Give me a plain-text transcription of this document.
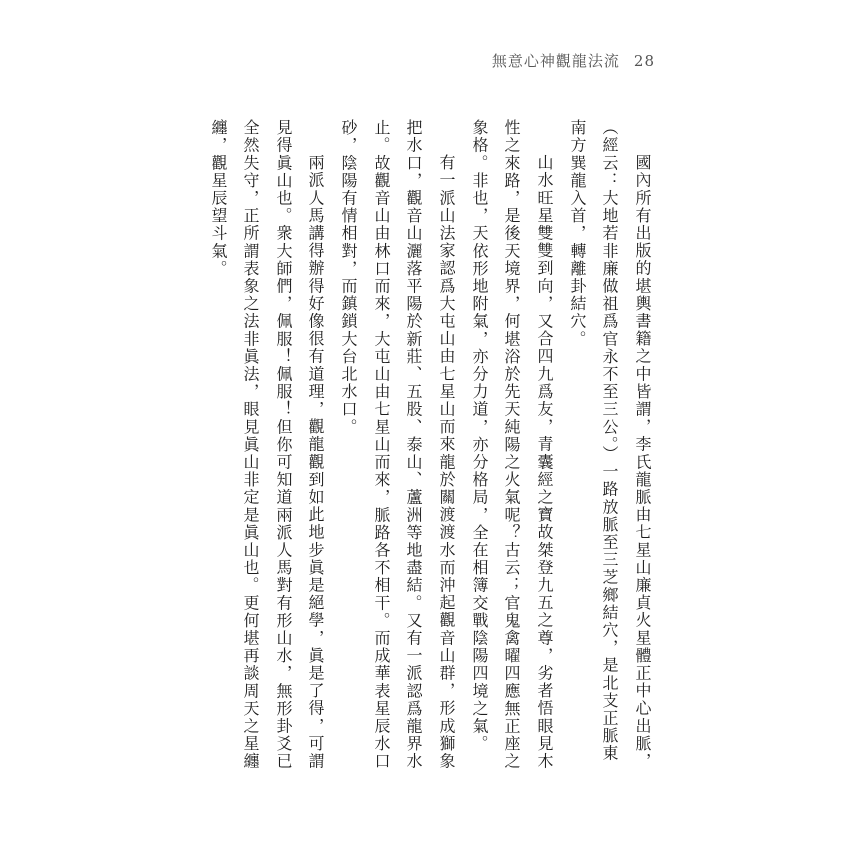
無意心神觀龍法流 28
國內所有出版的堪輿書籍之中皆謂，李氏龍脈由七星山廉貞火星體正中心出脈，
（經云：大地若非廉做祖爲官永不至三公。）一路放脈至三芝鄉結穴，是北支正脈東
南方巽龍入首，轉離卦結穴。
山水旺星雙雙到向，又合四九爲友，青囊經之寶故桀登九五之尊，劣者悟眼見木
性之來路，是後天境界，何堪浴於先天純陽之火氣呢？古云；官鬼禽曜四應無正座之
象格。非也，天依形地附氣，亦分力道，亦分格局，全在相簿交戰陰陽四境之氣。
有一派山法家認爲大屯山由七星山而來龍於關渡渡水而沖起觀音山群，形成獅象
把水口，觀音山灑落平陽於新莊、五股、泰山、蘆洲等地盡結。又有一派認爲龍界水
止。故觀音山由林口而來，大屯山由七星山而來，脈路各不相干。而成華表星辰水口
砂，陰陽有情相對，而鎮鎖大台北水口。
兩派人馬講得辦得好像很有道理，觀龍觀到如此地步眞是絕學，眞是了得，可謂
見得眞山也。衆大師們，佩服！佩服！但你可知道兩派人馬對有形山水，無形卦爻已
全然失守，正所謂表象之法非眞法，眼見眞山非定是眞山也。更何堪再談周天之星纏
纏，觀星辰望斗氣。
